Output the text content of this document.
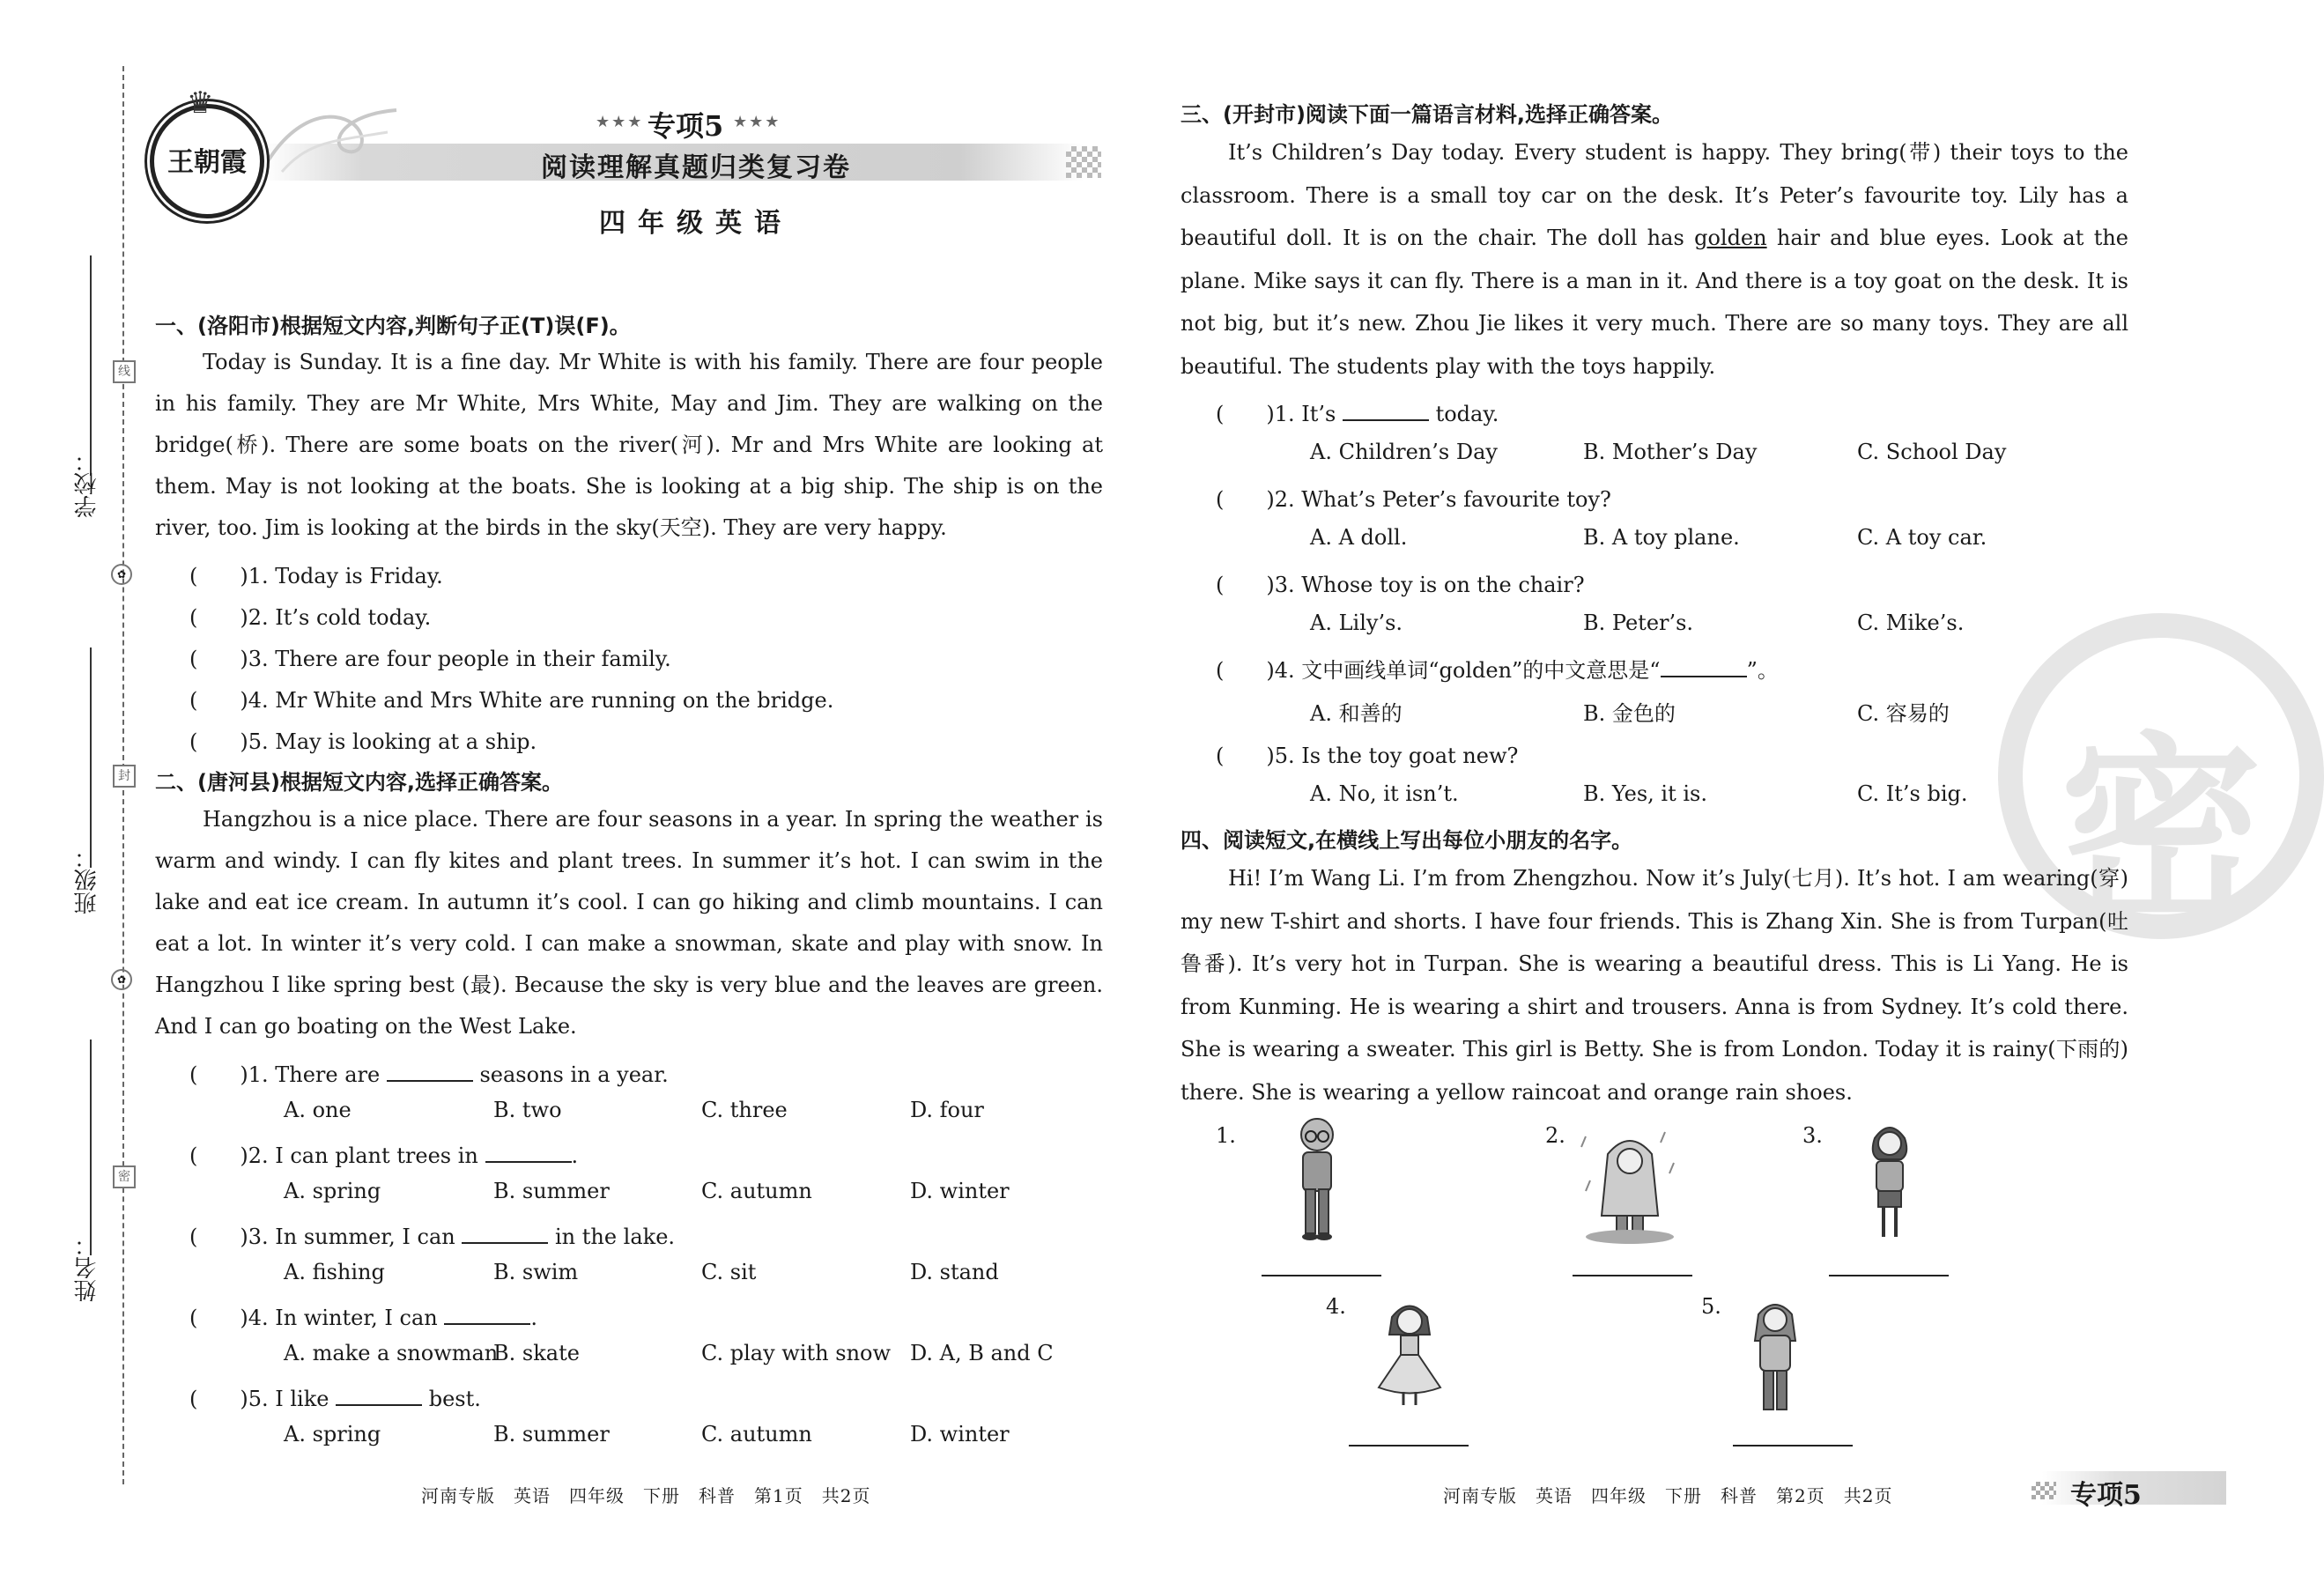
线
封
密
✿
✿
学校：
班级：
姓名：
王朝霞
♛
★★★ 专项5 ★★★
阅读理解真题归类复习卷
四年级英语
一、(洛阳市)根据短文内容,判断句子正(T)误(F)。
Today is Sunday. It is a fine day. Mr White is with his family. There are four people in his family. They are Mr White, Mrs White, May and Jim. They are walking on the bridge(桥). There are some boats on the river(河). Mr and Mrs White are looking at them. May is not looking at the boats. She is looking at a big ship. The ship is on the river, too. Jim is looking at the birds in the sky(天空). They are very happy.
(　　)1. Today is Friday.
(　　)2. It’s cold today.
(　　)3. There are four people in their family.
(　　)4. Mr White and Mrs White are running on the bridge.
(　　)5. May is looking at a ship.
二、(唐河县)根据短文内容,选择正确答案。
Hangzhou is a nice place. There are four seasons in a year. In spring the weather is warm and windy. I can fly kites and plant trees. In summer it’s hot. I can swim in the lake and eat ice cream. In autumn it’s cool. I can go hiking and climb mountains. I can eat a lot. In winter it’s very cold. I can make a snowman, skate and play with snow. In Hangzhou I like spring best (最). Because the sky is very blue and the leaves are green. And I can go boating on the West Lake.
(　　)1. There are	seasons in a year.
A. one	B. two	C. three	D. four
(　　)2. I can plant trees in	.
A. spring	B. summer	C. autumn	D. winter
(　　)3. In summer, I can	in the lake.
A. fishing	B. swim	C. sit	D. stand
(　　)4. In winter, I can	.
A. make a snowman
B. skate	C. play with snow D. A, B and C
(　　)5. I like	best.
A. spring	B. summer	C. autumn	D. winter
河南专版　英语　四年级　下册　科普　第1页　共2页
密
三、(开封市)阅读下面一篇语言材料,选择正确答案。
It’s Children’s Day today. Every student is happy. They bring(带) their toys to the classroom. There is a small toy car on the desk. It’s Peter’s favourite toy. Lily has a beautiful doll. It is on the chair. The doll has golden hair and blue eyes. Look at the plane. Mike says it can fly. There is a man in it. And there is a toy goat on the desk. It is not big, but it’s new. Zhou Jie likes it very much. There are so many toys. They are all beautiful. The students play with the toys happily.
(　　)1. It’s	today.
A. Children’s Day	B. Mother’s Day	C. School Day
(　　)2. What’s Peter’s favourite toy?
A. A doll.	B. A toy plane.	C. A toy car.
(　　)3. Whose toy is on the chair?
A. Lily’s.	B. Peter’s.	C. Mike’s.
(　　)4. 文中画线单词“golden”的中文意思是“	”。
A. 和善的	B. 金色的	C. 容易的
(　　)5. Is the toy goat new?
A. No, it isn’t.	B. Yes, it is.	C. It’s big.
四、阅读短文,在横线上写出每位小朋友的名字。
Hi! I’m Wang Li. I’m from Zhengzhou. Now it’s July(七月). It’s hot. I am wearing(穿) my new T-shirt and shorts. I have four friends. This is Zhang Xin. She is from Turpan(吐鲁番). It’s very hot in Turpan. She is wearing a beautiful dress. This is Li Yang. He is from Kunming. He is wearing a shirt and trousers. Anna is from Sydney. It’s cold there. She is wearing a sweater. This girl is Betty. She is from London. Today it is rainy(下雨的) there. She is wearing a yellow raincoat and orange rain shoes.
1.	2.	3.
4.	5.
河南专版　英语　四年级　下册　科普　第2页　共2页	专项5
